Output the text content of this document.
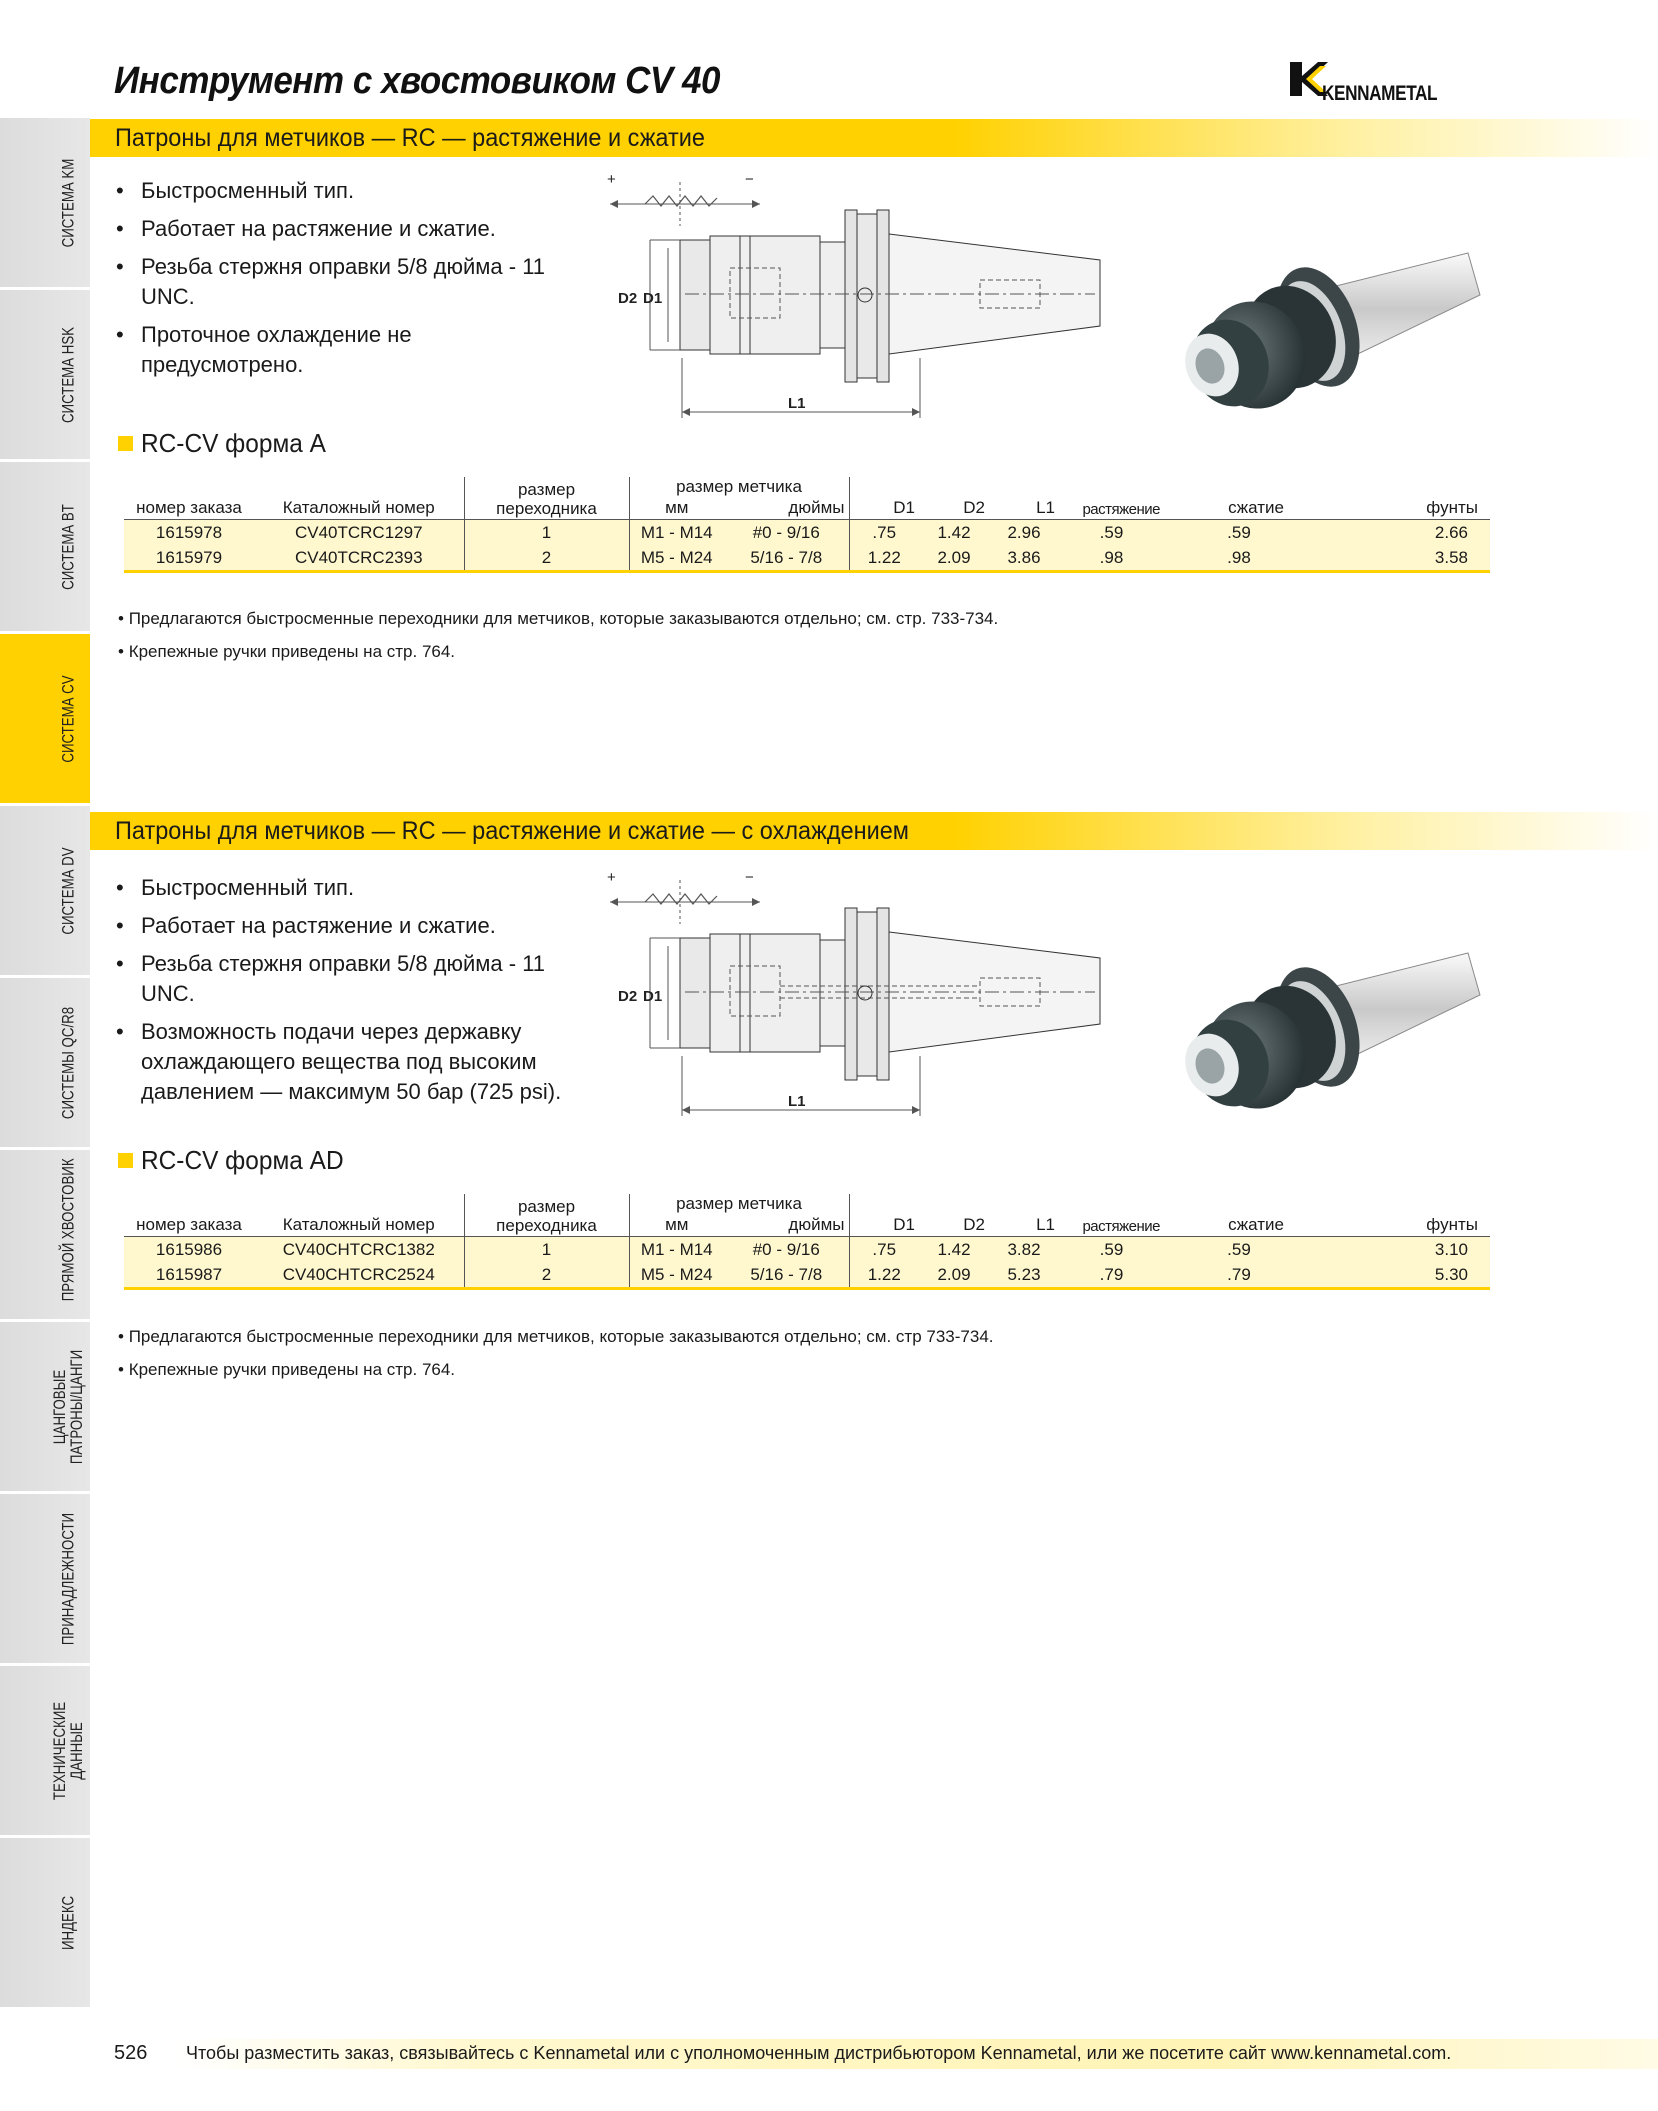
Инструмент с хвостовиком CV 40	KENNAMETAL
СИСТЕМА KM
СИСТЕМА HSK
СИСТЕМА BT
СИСТЕМА CV
СИСТЕМА DV
СИСТЕМЫ QC/R8
ПРЯМОЙ ХВОСТОВИК
ЦАНГОВЫЕ
ПАТРОНЫ/ЦАНГИ
ПРИНАДЛЕЖНОСТИ
ТЕХНИЧЕСКИЕ
ДАННЫЕ
ИНДЕКС
Патроны для метчиков — RC — растяжение и сжатие
• Быстросменный тип.
• Работает на растяжение и сжатие.
• Резьба стержня оправки 5/8 дюйма - 11 UNC.
• Проточное охлаждение не предусмотрено.
+	−
D2 D1
L1
RC-CV форма A
		размер
переходника	размер метчика							
номер заказа	Каталожный номер		мм	дюймы	D1	D2	L1	растяжение	сжатие	фунты
1615978	CV40TCRC1297	1	M1 - M14	#0 - 9/16	.75	1.42	2.96	.59	.59	2.66
1615979	CV40TCRC2393	2	M5 - M24	5/16 - 7/8	1.22	2.09	3.86	.98	.98	3.58
• Предлагаются быстросменные переходники для метчиков, которые заказываются отдельно; см. стр. 733-734.
• Крепежные ручки приведены на стр. 764.
Патроны для метчиков — RC — растяжение и сжатие — с охлаждением
• Быстросменный тип.
• Работает на растяжение и сжатие.
• Резьба стержня оправки 5/8 дюйма - 11 UNC.
• Возможность подачи через державку охлаждающего вещества под высоким давлением — максимум 50 бар (725 psi).
+	−
D2 D1
L1
RC-CV форма AD
		размер
переходника	размер метчика							
номер заказа	Каталожный номер		мм	дюймы	D1	D2	L1	растяжение	сжатие	фунты
1615986	CV40CHTCRC1382	1	M1 - M14	#0 - 9/16	.75	1.42	3.82	.59	.59	3.10
1615987	CV40CHTCRC2524	2	M5 - M24	5/16 - 7/8	1.22	2.09	5.23	.79	.79	5.30
• Предлагаются быстросменные переходники для метчиков, которые заказываются отдельно; см. стр 733-734.
• Крепежные ручки приведены на стр. 764.
526 Чтобы разместить заказ, связывайтесь с Kennametal или с уполномоченным дистрибьютором Kennametal, или же посетите сайт www.kennametal.com.
